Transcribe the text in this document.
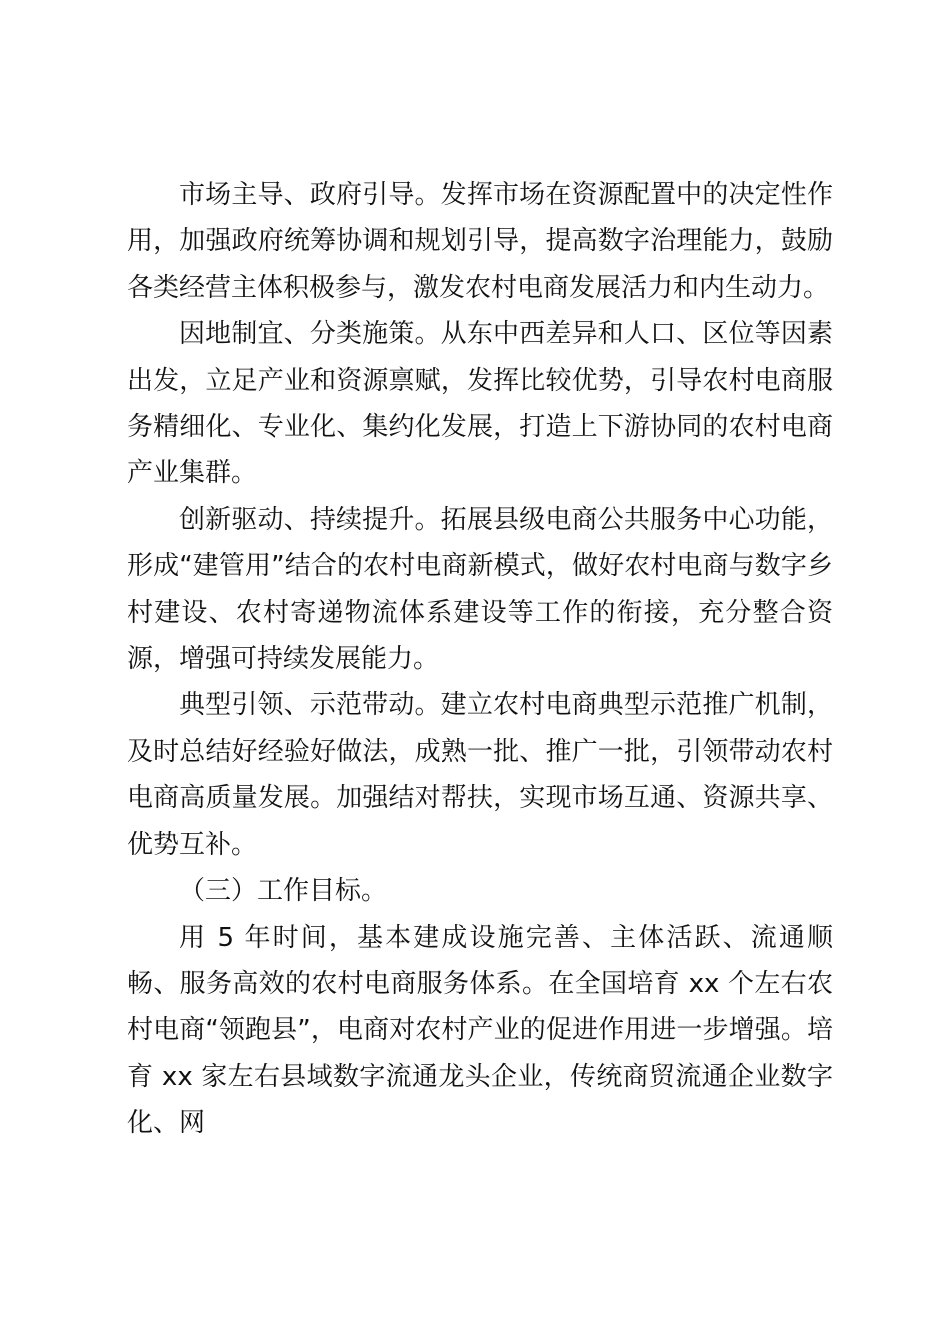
市场主导、政府引导。发挥市场在资源配置中的决定性作用，加强政府统筹协调和规划引导，提高数字治理能力，鼓励各类经营主体积极参与，激发农村电商发展活力和内生动力。

因地制宜、分类施策。从东中西差异和人口、区位等因素出发，立足产业和资源禀赋，发挥比较优势，引导农村电商服务精细化、专业化、集约化发展，打造上下游协同的农村电商产业集群。

创新驱动、持续提升。拓展县级电商公共服务中心功能，形成“建管用”结合的农村电商新模式，做好农村电商与数字乡村建设、农村寄递物流体系建设等工作的衔接，充分整合资源，增强可持续发展能力。

典型引领、示范带动。建立农村电商典型示范推广机制，及时总结好经验好做法，成熟一批、推广一批，引领带动农村电商高质量发展。加强结对帮扶，实现市场互通、资源共享、优势互补。

（三）工作目标。

用 5 年时间，基本建成设施完善、主体活跃、流通顺畅、服务高效的农村电商服务体系。在全国培育 xx 个左右农村电商“领跑县”，电商对农村产业的促进作用进一步增强。培育 xx 家左右县域数字流通龙头企业，传统商贸流通企业数字化、网
